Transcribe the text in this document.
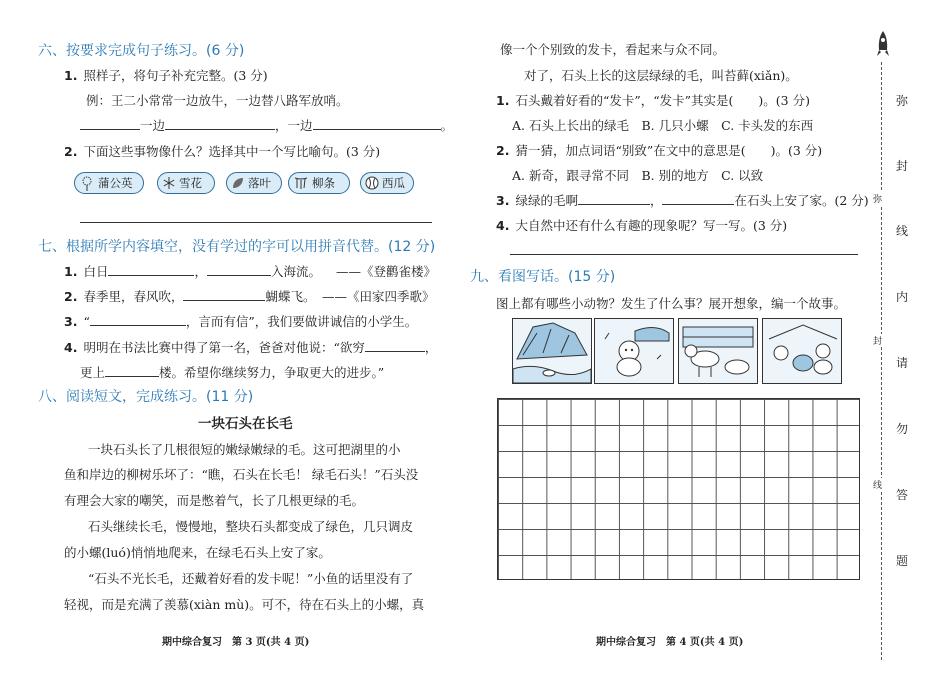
六、按要求完成句子练习。(6 分)
1. 照样子，将句子补充完整。(3 分)
例：王二小常常一边放牛，一边替八路军放哨。
一边	，一边	。
2. 下面这些事物像什么？选择其中一个写比喻句。(3 分)
蒲公英	雪花	落叶	柳条	西瓜
七、根据所学内容填空，没有学过的字可以用拼音代替。(12 分)
1. 白日	，	入海流。 ——《登鹳雀楼》
2. 春季里，春风吹，	蝴蝶飞。 ——《田家四季歌》
3. “	，言而有信”，我们要做讲诚信的小学生。
4. 明明在书法比赛中得了第一名，爸爸对他说：“欲穷	，
更上	楼。希望你继续努力，争取更大的进步。”
八、阅读短文，完成练习。(11 分)
一块石头在长毛
一块石头长了几根很短的嫩绿嫩绿的毛。这可把湖里的小
鱼和岸边的柳树乐坏了：“瞧，石头在长毛！ 绿毛石头！”石头没
有理会大家的嘲笑，而是憋着气，长了几根更绿的毛。
石头继续长毛，慢慢地，整块石头都变成了绿色，几只调皮
的小螺(luó)悄悄地爬来，在绿毛石头上安了家。
“石头不光长毛，还戴着好看的发卡呢！”小鱼的话里没有了
轻视，而是充满了羡慕(xiàn mù)。可不，待在石头上的小螺，真
期中综合复习　第 3 页(共 4 页)
像一个个别致的发卡，看起来与众不同。
对了，石头上长的这层绿绿的毛，叫苔藓(xiǎn)。
1. 石头戴着好看的“发卡”，“发卡”其实是(　　)。(3 分)
A. 石头上长出的绿毛　B. 几只小螺　C. 卡头发的东西
2. 猜一猜，加点词语“别致”在文中的意思是(　　)。(3 分)
A. 新奇，跟寻常不同　B. 别的地方　C. 以致
3. 绿绿的毛啊	，	在石头上安了家。(2 分)
4. 大自然中还有什么有趣的现象呢？写一写。(3 分)
九、看图写话。(15 分)
图上都有哪些小动物？发生了什么事？展开想象，编一个故事。
期中综合复习　第 4 页(共 4 页)
弥
封
线
内
请
勿
答
题
弥
封
线
